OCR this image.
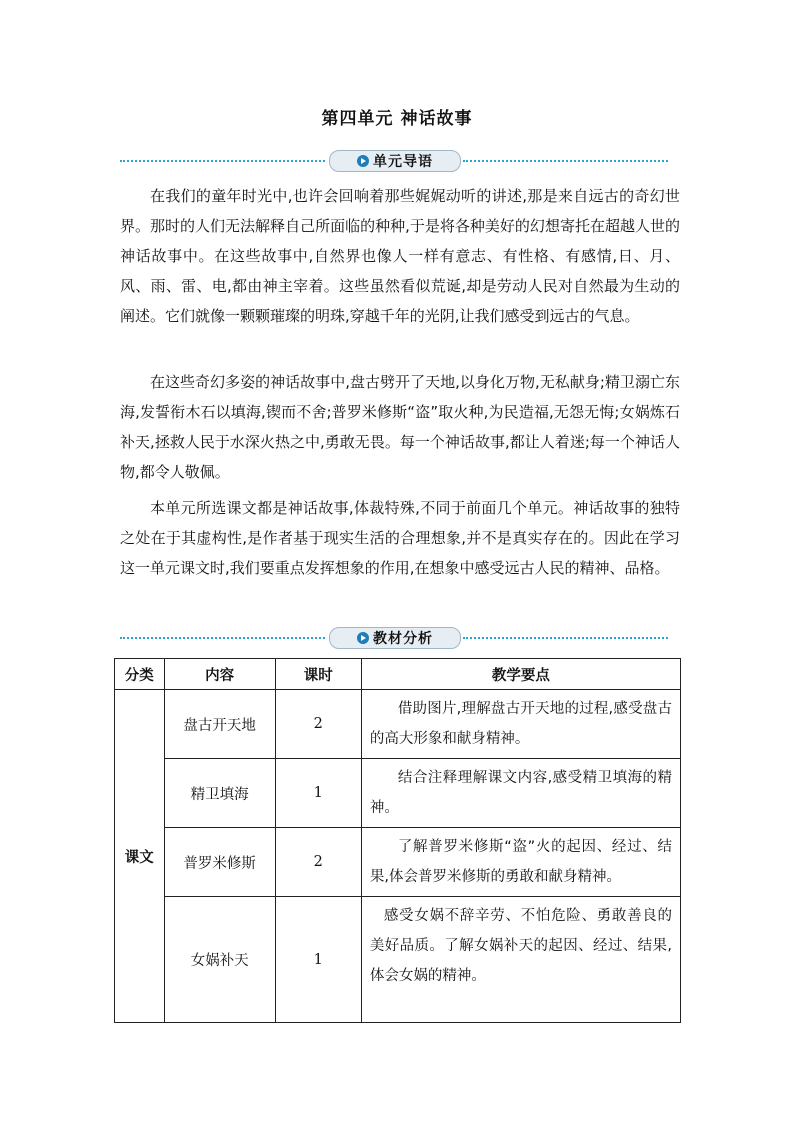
第四单元 神话故事
单元导语

在我们的童年时光中,也许会回响着那些娓娓动听的讲述,那是来自远古的奇幻世界。那时的人们无法解释自己所面临的种种,于是将各种美好的幻想寄托在超越人世的神话故事中。在这些故事中,自然界也像人一样有意志、有性格、有感情,日、月、风、雨、雷、电,都由神主宰着。这些虽然看似荒诞,却是劳动人民对自然最为生动的阐述。它们就像一颗颗璀璨的明珠,穿越千年的光阴,让我们感受到远古的气息。

在这些奇幻多姿的神话故事中,盘古劈开了天地,以身化万物,无私献身;精卫溺亡东海,发誓衔木石以填海,锲而不舍;普罗米修斯“盗”取火种,为民造福,无怨无悔;女娲炼石补天,拯救人民于水深火热之中,勇敢无畏。每一个神话故事,都让人着迷;每一个神话人物,都令人敬佩。

本单元所选课文都是神话故事,体裁特殊,不同于前面几个单元。神话故事的独特之处在于其虚构性,是作者基于现实生活的合理想象,并不是真实存在的。因此在学习这一单元课文时,我们要重点发挥想象的作用,在想象中感受远古人民的精神、品格。

教材分析
分类	内容	课时	教学要点
课文	盘古开天地	2	借助图片,理解盘古开天地的过程,感受盘古的高大形象和献身精神。
	精卫填海	1	结合注释理解课文内容,感受精卫填海的精神。
	普罗米修斯	2	了解普罗米修斯“盗”火的起因、经过、结果,体会普罗米修斯的勇敢和献身精神。
	女娲补天	1	感受女娲不辞辛劳、不怕危险、勇敢善良的美好品质。了解女娲补天的起因、经过、结果,体会女娲的精神。
